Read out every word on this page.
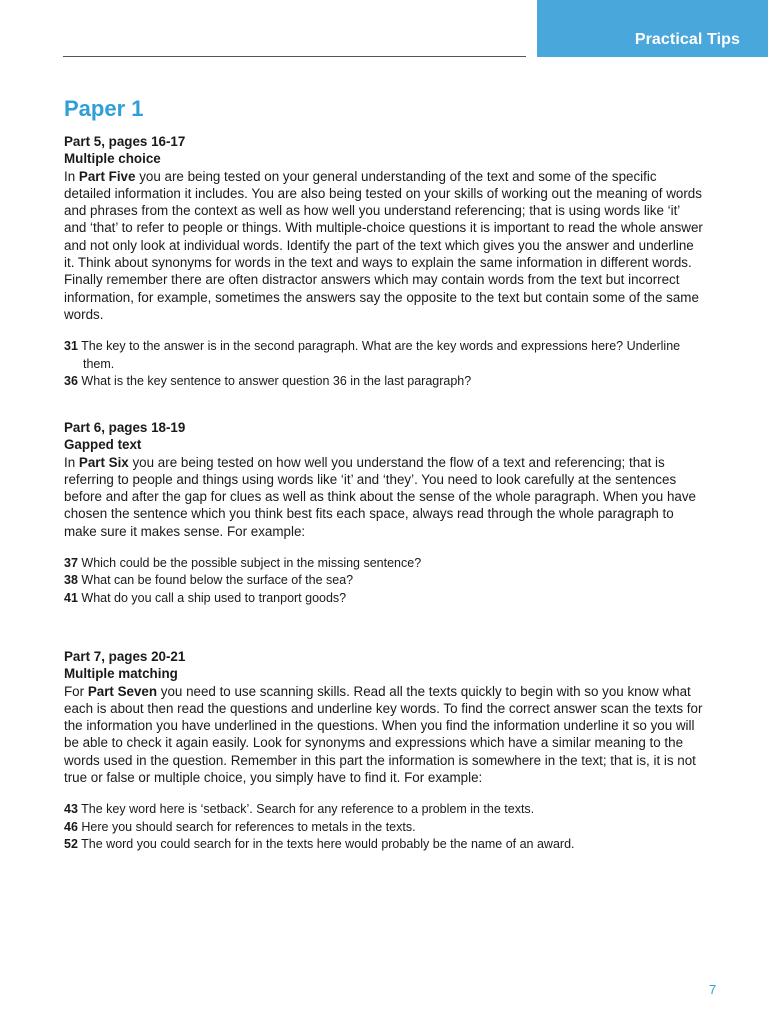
Practical Tips
Paper 1

Part 5, pages 16-17

Multiple choice

In Part Five you are being tested on your general understanding of the text and some of the specific detailed information it includes. You are also being tested on your skills of working out the meaning of words and phrases from the context as well as how well you understand referencing; that is using words like ‘it’ and ‘that’ to refer to people or things. With multiple-choice questions it is important to read the whole answer and not only look at individual words. Identify the part of the text which gives you the answer and underline it. Think about synonyms for words in the text and ways to explain the same information in different words. Finally remember there are often distractor answers which may contain words from the text but incorrect information, for example, sometimes the answers say the opposite to the text but contain some of the same words.

31 The key to the answer is in the second paragraph. What are the key words and expressions here? Underline them.
36 What is the key sentence to answer question 36 in the last paragraph?

Part 6, pages 18-19

Gapped text

In Part Six you are being tested on how well you understand the flow of a text and referencing; that is referring to people and things using words like ‘it’ and ‘they’. You need to look carefully at the sentences before and after the gap for clues as well as think about the sense of the whole paragraph. When you have chosen the sentence which you think best fits each space, always read through the whole paragraph to make sure it makes sense. For example:

37 Which could be the possible subject in the missing sentence?
38 What can be found below the surface of the sea?
41 What do you call a ship used to tranport goods?

Part 7, pages 20-21

Multiple matching

For Part Seven you need to use scanning skills. Read all the texts quickly to begin with so you know what each is about then read the questions and underline key words. To find the correct answer scan the texts for the information you have underlined in the questions. When you find the information underline it so you will be able to check it again easily. Look for synonyms and expressions which have a similar meaning to the words used in the question. Remember in this part the information is somewhere in the text; that is, it is not true or false or multiple choice, you simply have to find it. For example:

43 The key word here is ‘setback’. Search for any reference to a problem in the texts.
46 Here you should search for references to metals in the texts.
52 The word you could search for in the texts here would probably be the name of an award.
7
